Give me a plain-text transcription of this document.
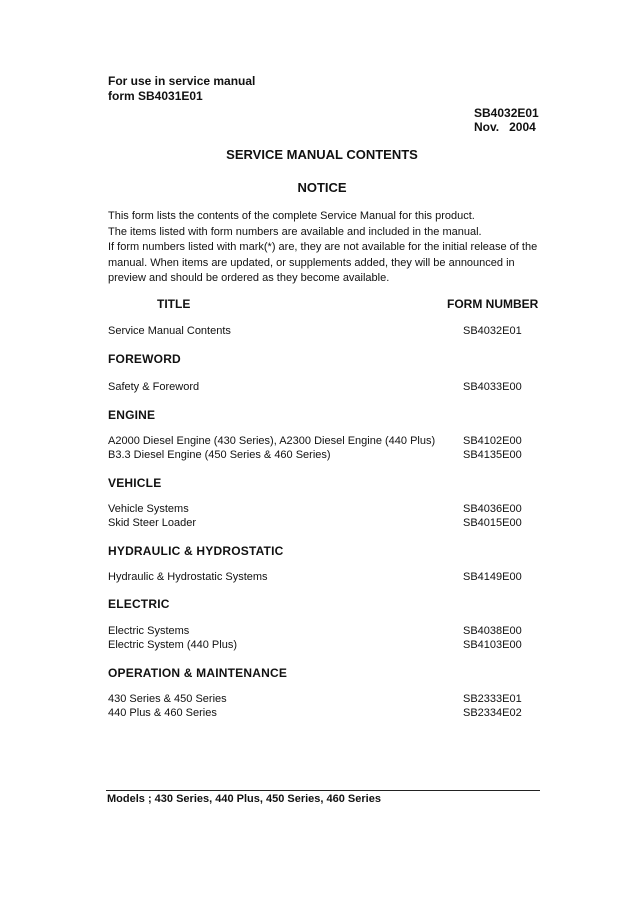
For use in service manual
form SB4031E01
SB4032E01
Nov.   2004
SERVICE MANUAL CONTENTS
NOTICE
This form lists the contents of the complete Service Manual for this product.
The items listed with form numbers are available and included in the manual.
If form numbers listed with mark(*) are, they are not available for the initial release of the
manual. When items are updated, or supplements added, they will be announced in
preview and should be ordered as they become available.
TITLE	FORM NUMBER
Service Manual Contents	SB4032E01
FOREWORD
Safety & Foreword	SB4033E00
ENGINE
A2000 Diesel Engine (430 Series), A2300 Diesel Engine (440 Plus)	SB4102E00
B3.3 Diesel Engine (450 Series & 460 Series)	SB4135E00
VEHICLE
Vehicle Systems	SB4036E00
Skid Steer Loader	SB4015E00
HYDRAULIC & HYDROSTATIC
Hydraulic & Hydrostatic Systems	SB4149E00
ELECTRIC
Electric Systems	SB4038E00
Electric System (440 Plus)	SB4103E00
OPERATION & MAINTENANCE
430 Series & 450 Series	SB2333E01
440 Plus & 460 Series	SB2334E02
Models ; 430 Series, 440 Plus, 450 Series, 460 Series
